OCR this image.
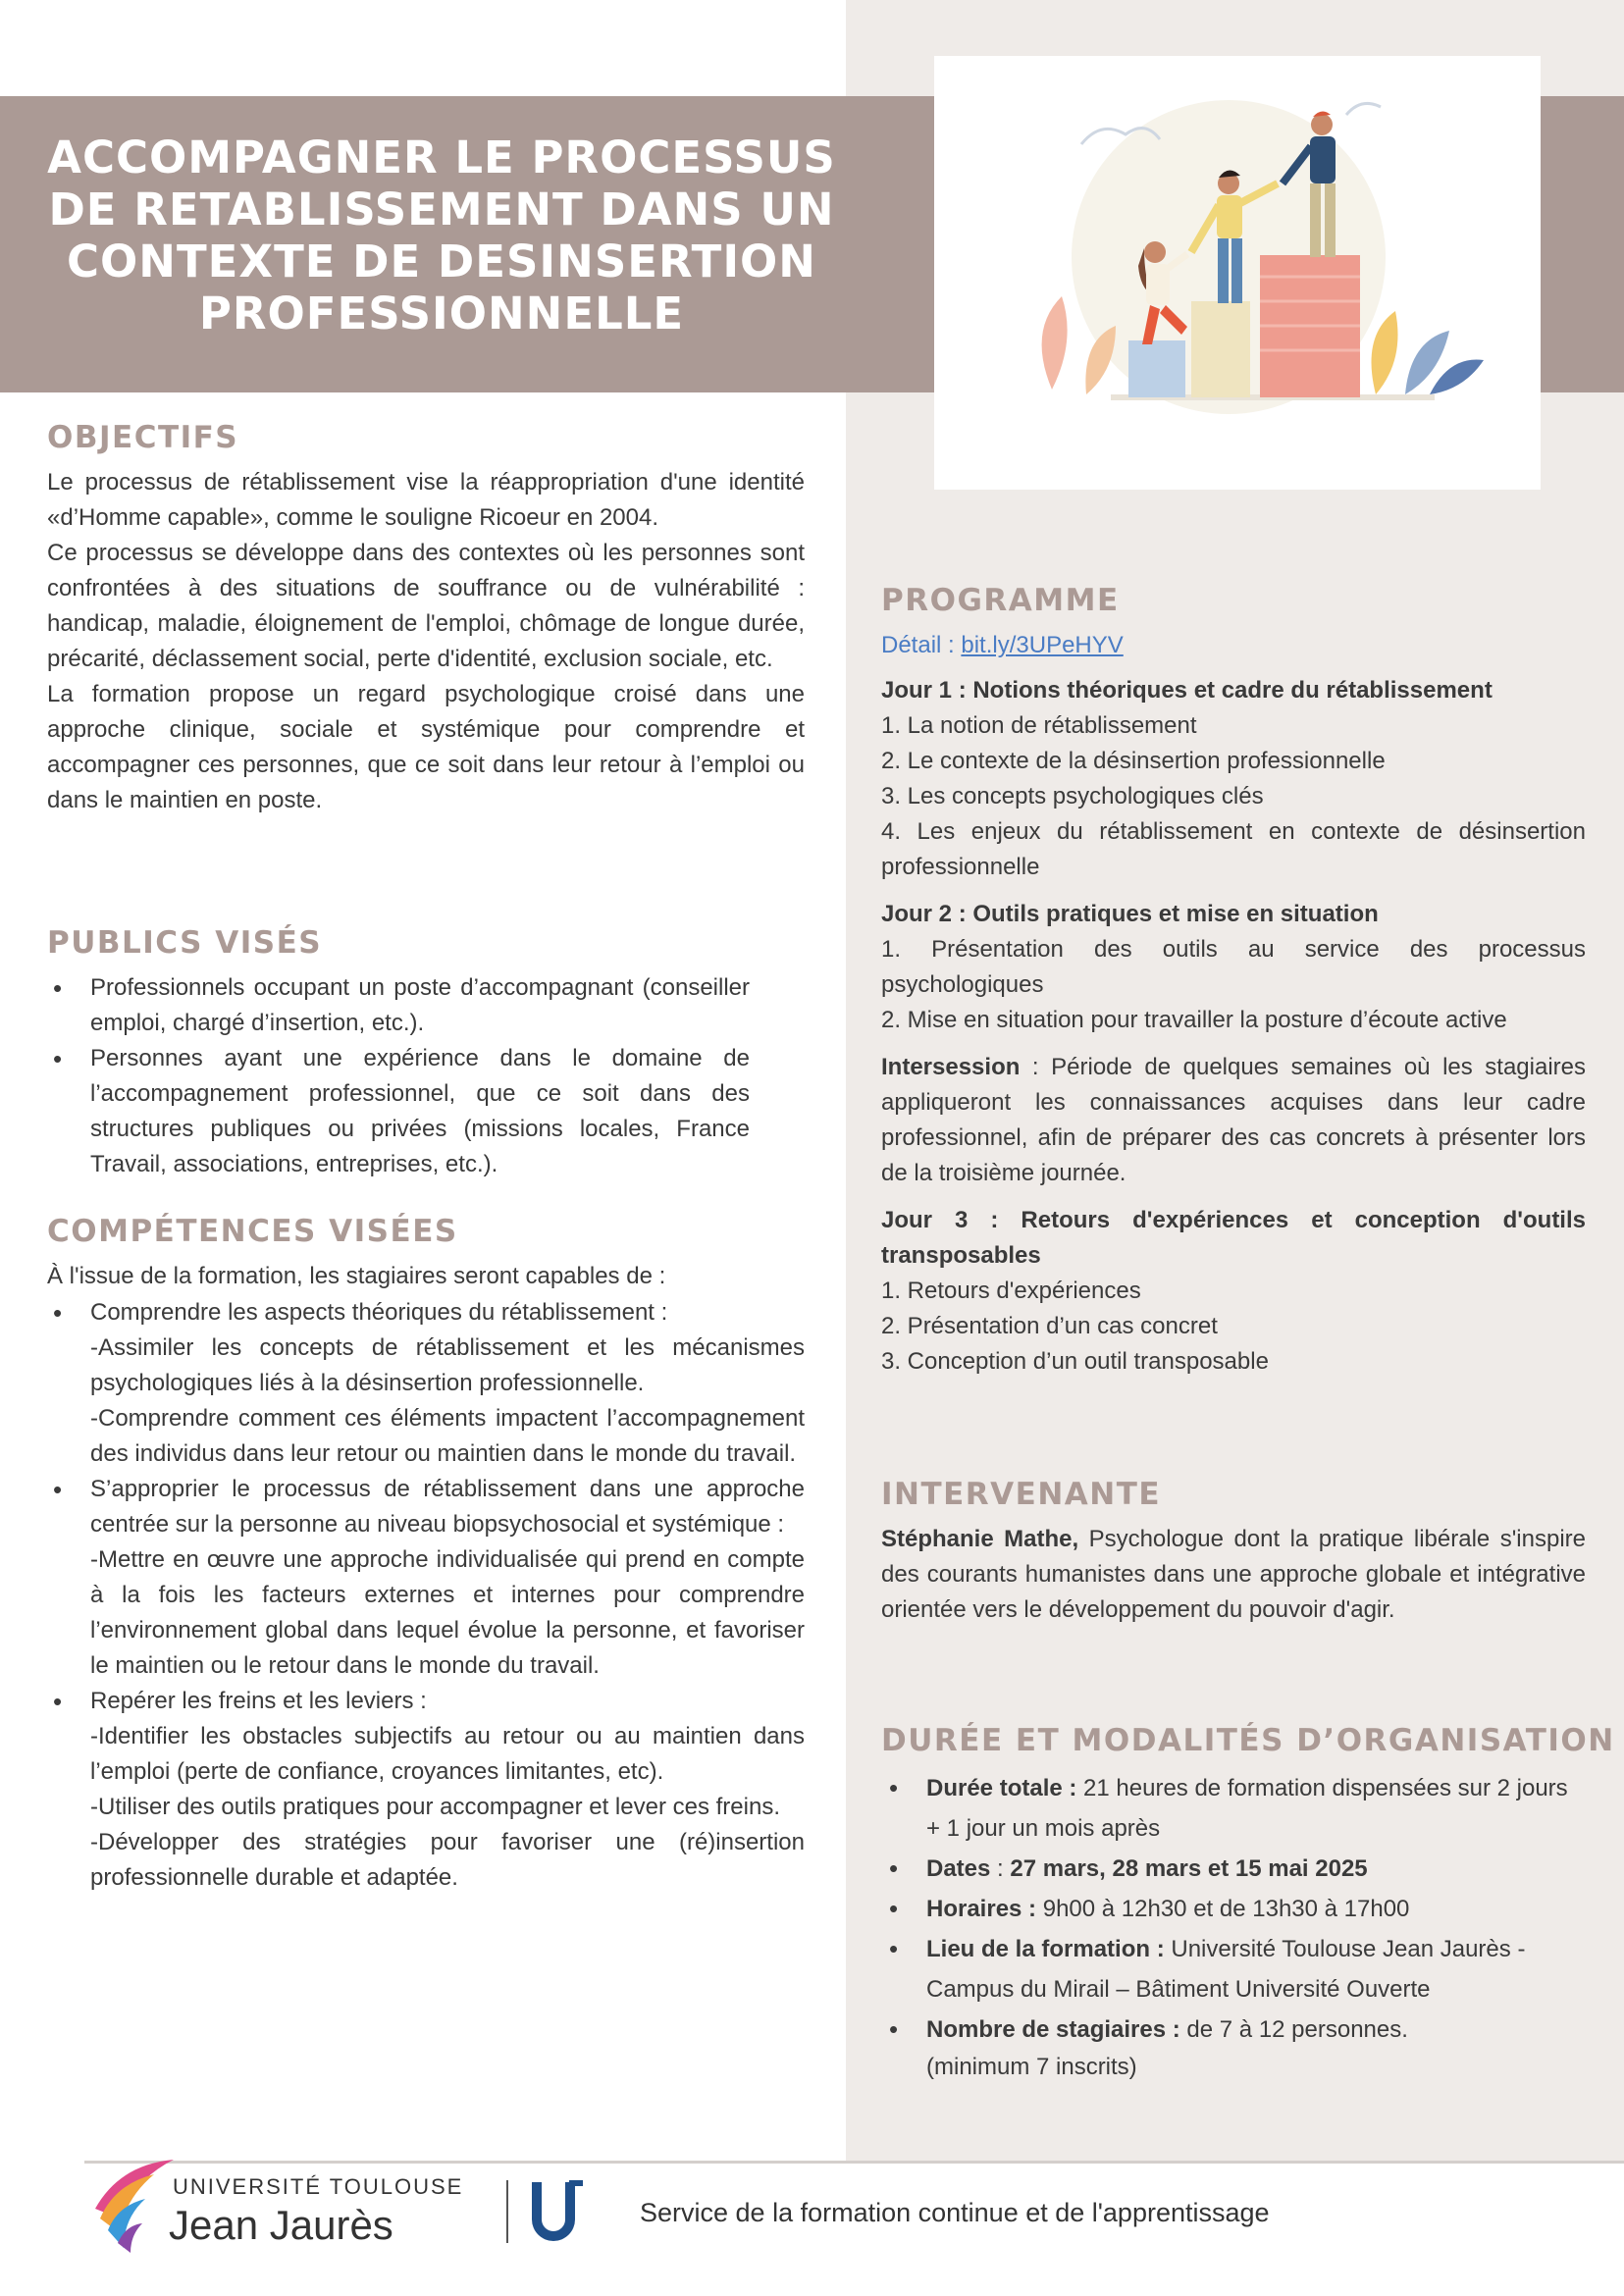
ACCOMPAGNER LE PROCESSUS
DE RETABLISSEMENT DANS UN
CONTEXTE DE DESINSERTION
PROFESSIONNELLE
OBJECTIFS
Le processus de rétablissement vise la réappropriation d'une identité «d’Homme capable», comme le souligne Ricoeur en 2004.
Ce processus se développe dans des contextes où les personnes sont confrontées à des situations de souffrance ou de vulnérabilité : handicap, maladie, éloignement de l'emploi, chômage de longue durée, précarité, déclassement social, perte d'identité, exclusion sociale, etc.
La formation propose un regard psychologique croisé dans une approche clinique, sociale et systémique pour comprendre et accompagner ces personnes, que ce soit dans leur retour à l’emploi ou dans le maintien en poste.
PUBLICS VISÉS
• Professionnels occupant un poste d’accompagnant (conseiller emploi, chargé d’insertion, etc.).
• Personnes ayant une expérience dans le domaine de l’accompagnement professionnel, que ce soit dans des structures publiques ou privées (missions locales, France Travail, associations, entreprises, etc.).
COMPÉTENCES VISÉES
À l'issue de la formation, les stagiaires seront capables de :
• Comprendre les aspects théoriques du rétablissement :
-Assimiler les concepts de rétablissement et les mécanismes psychologiques liés à la désinsertion professionnelle.
-Comprendre comment ces éléments impactent l’accompagnement des individus dans leur retour ou maintien dans le monde du travail.
• S’approprier le processus de rétablissement dans une approche centrée sur la personne au niveau biopsychosocial et systémique :
-Mettre en œuvre une approche individualisée qui prend en compte à la fois les facteurs externes et internes pour comprendre l’environnement global dans lequel évolue la personne, et favoriser le maintien ou le retour dans le monde du travail.
• Repérer les freins et les leviers :
-Identifier les obstacles subjectifs au retour ou au maintien dans l’emploi (perte de confiance, croyances limitantes, etc).
-Utiliser des outils pratiques pour accompagner et lever ces freins.
-Développer des stratégies pour favoriser une (ré)insertion professionnelle durable et adaptée.
PROGRAMME
Détail : bit.ly/3UPeHYV
Jour 1 : Notions théoriques et cadre du rétablissement
1. La notion de rétablissement
2. Le contexte de la désinsertion professionnelle
3. Les concepts psychologiques clés
4. Les enjeux du rétablissement en contexte de désinsertion professionnelle
Jour 2 : Outils pratiques et mise en situation
1. Présentation des outils au service des processus psychologiques
2. Mise en situation pour travailler la posture d’écoute active
Intersession : Période de quelques semaines où les stagiaires appliqueront les connaissances acquises dans leur cadre professionnel, afin de préparer des cas concrets à présenter lors de la troisième journée.
Jour 3 : Retours d'expériences et conception d'outils transposables
1. Retours d'expériences
2. Présentation d’un cas concret
3. Conception d’un outil transposable
INTERVENANTE
Stéphanie Mathe, Psychologue dont la pratique libérale s'inspire des courants humanistes dans une approche globale et intégrative orientée vers le développement du pouvoir d'agir.
DURÉE ET MODALITÉS D’ORGANISATION
• Durée totale : 21 heures de formation dispensées sur 2 jours + 1 jour un mois après
• Dates : 27 mars, 28 mars et 15 mai 2025
• Horaires : 9h00 à 12h30 et de 13h30 à 17h00
• Lieu de la formation : Université Toulouse Jean Jaurès - Campus du Mirail – Bâtiment Université Ouverte
• Nombre de stagiaires : de 7 à 12 personnes.
(minimum 7 inscrits)
UNIVERSITÉ TOULOUSE
Jean Jaurès	Service de la formation continue et de l'apprentissage
